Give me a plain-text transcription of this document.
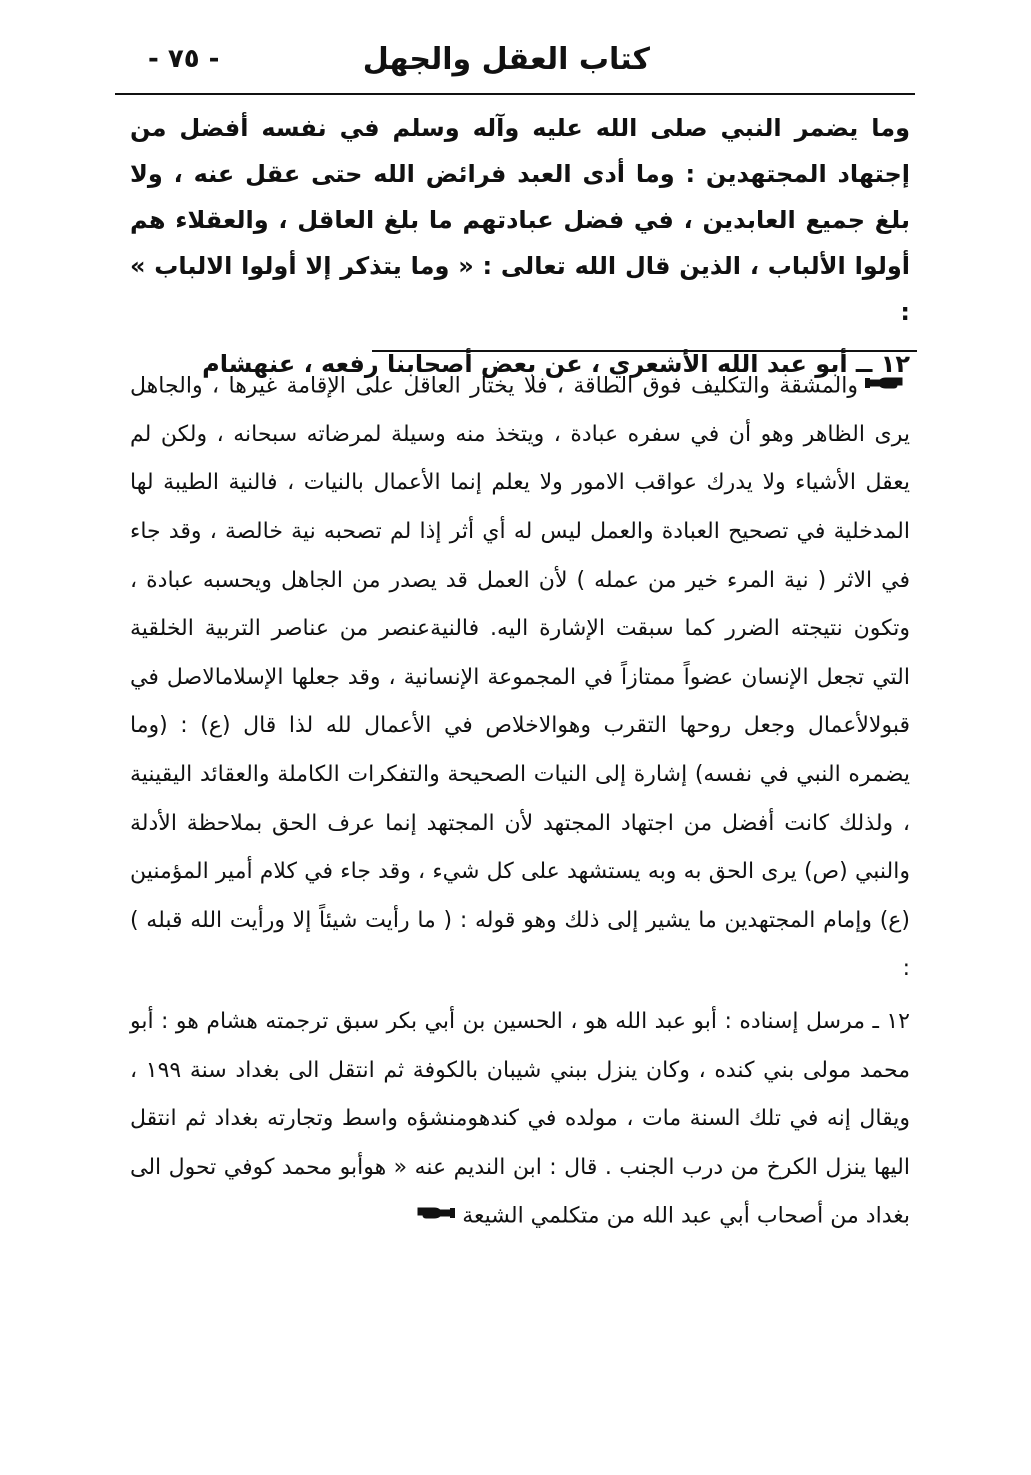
- ٧٥ -	كتاب العقل والجهل

وما يضمر النبي صلى الله عليه وآله وسلم في نفسه أفضل من إجتهاد المجتهدين : وما أدى العبد فرائض الله حتى عقل عنه ، ولا بلغ جميع العابدين ، في فضل عبادتهم ما بلغ العاقل ، والعقلاء هم أولوا الألباب ، الذين قال الله تعالى : « وما يتذكر إلا أولوا الالباب » :

١٢ ــ أبو عبد الله الأشعري ، عن بعض أصحابنا رفعه ، عنهشام

والمشقة والتكليف فوق الطاقة ، فلا يختار العاقل على الإقامة غيرها ، والجاهل يرى الظاهر وهو أن في سفره عبادة ، ويتخذ منه وسيلة لمرضاته سبحانه ، ولكن لم يعقل الأشياء ولا يدرك عواقب الامور ولا يعلم إنما الأعمال بالنيات ، فالنية الطيبة لها المدخلية في تصحيح العبادة والعمل ليس له أي أثر إذا لم تصحبه نية خالصة ، وقد جاء في الاثر ( نية المرء خير من عمله ) لأن العمل قد يصدر من الجاهل ويحسبه عبادة ، وتكون نتيجته الضرر كما سبقت الإشارة اليه. فالنيةعنصر من عناصر التربية الخلقية التي تجعل الإنسان عضواً ممتازاً في المجموعة الإنسانية ، وقد جعلها الإسلامالاصل في قبولالأعمال وجعل روحها التقرب وهوالاخلاص في الأعمال لله لذا قال (ع) : (وما يضمره النبي في نفسه) إشارة إلى النيات الصحيحة والتفكرات الكاملة والعقائد اليقينية ، ولذلك كانت أفضل من اجتهاد المجتهد لأن المجتهد إنما عرف الحق بملاحظة الأدلة والنبي (ص) يرى الحق به وبه يستشهد على كل شيء ، وقد جاء في كلام أمير المؤمنين (ع) وإمام المجتهدين ما يشير إلى ذلك وهو قوله : ( ما رأيت شيئاً إلا ورأيت الله قبله ) :

١٢ ـ مرسل إسناده : أبو عبد الله هو ، الحسين بن أبي بكر سبق ترجمته هشام هو : أبو محمد مولى بني كنده ، وكان ينزل ببني شيبان بالكوفة ثم انتقل الى بغداد سنة ١٩٩ ، ويقال إنه في تلك السنة مات ، مولده في كندهومنشؤه واسط وتجارته بغداد ثم انتقل اليها ينزل الكرخ من درب الجنب . قال : ابن النديم عنه « هوأبو محمد كوفي تحول الى بغداد من أصحاب أبي عبد الله من متكلمي الشيعة
